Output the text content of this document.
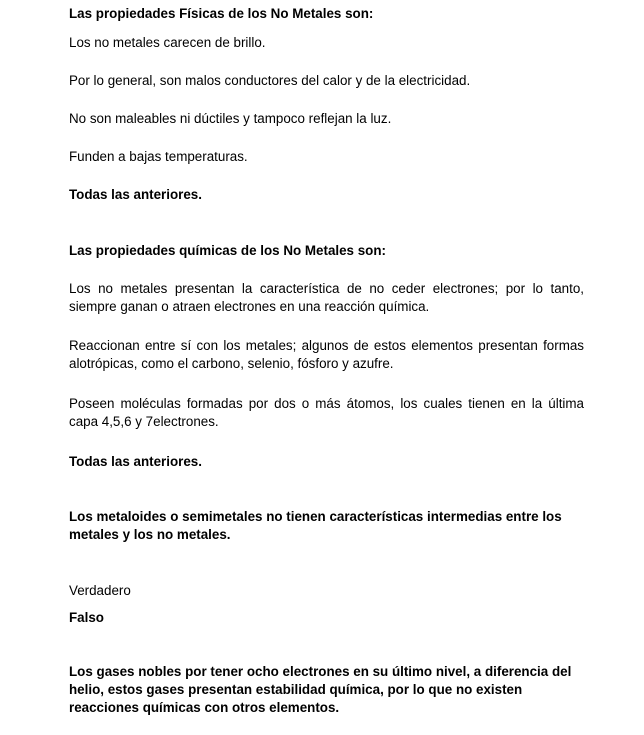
Las propiedades Físicas de los No Metales son:

Los no metales carecen de brillo.

Por lo general, son malos conductores del calor y de la electricidad.

No son maleables ni dúctiles y tampoco reflejan la luz.

Funden a bajas temperaturas.

Todas las anteriores.

Las propiedades químicas de los No Metales son:

Los no metales presentan la característica de no ceder electrones; por lo tanto, siempre ganan o atraen electrones en una reacción química.

Reaccionan entre sí con los metales; algunos de estos elementos presentan formas alotrópicas, como el carbono, selenio, fósforo y azufre.

Poseen moléculas formadas por dos o más átomos, los cuales tienen en la última capa 4,5,6 y 7electrones.

Todas las anteriores.

Los metaloides o semimetales no tienen características intermedias entre los metales y los no metales.

Verdadero

Falso

Los gases nobles por tener ocho electrones en su último nivel, a diferencia del helio, estos gases presentan estabilidad química, por lo que no existen reacciones químicas con otros elementos.
